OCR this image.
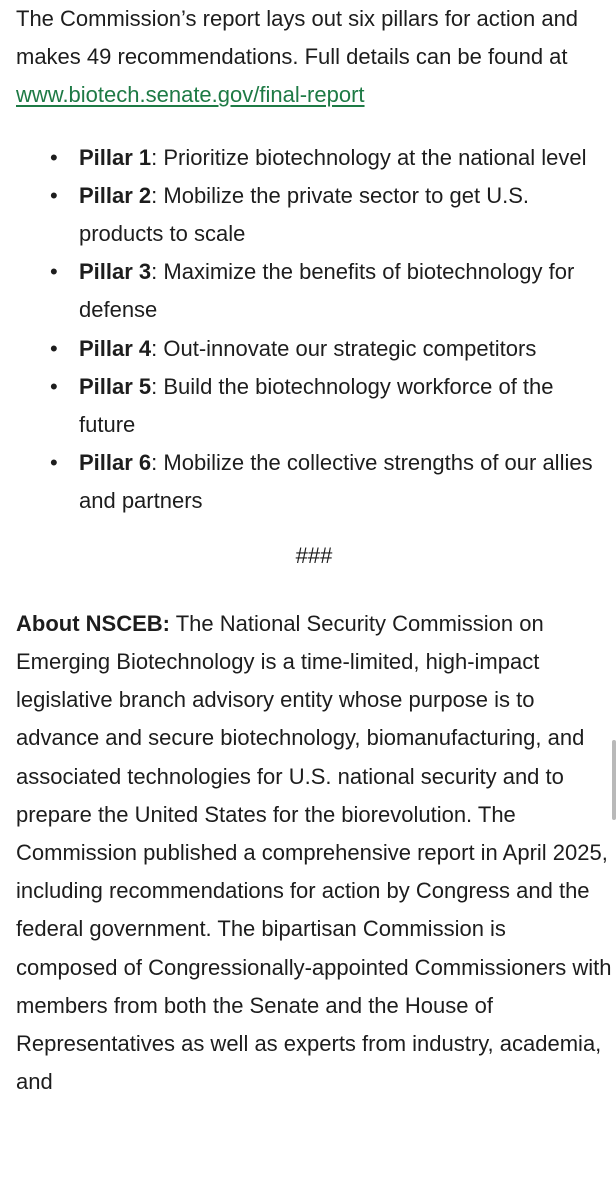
The Commission’s report lays out six pillars for action and makes 49 recommendations. Full details can be found at www.biotech.senate.gov/final-report

• Pillar 1: Prioritize biotechnology at the national level
• Pillar 2: Mobilize the private sector to get U.S. products to scale
• Pillar 3: Maximize the benefits of biotechnology for defense
• Pillar 4: Out-innovate our strategic competitors
• Pillar 5: Build the biotechnology workforce of the future
• Pillar 6: Mobilize the collective strengths of our allies and partners

###

About NSCEB: The National Security Commission on Emerging Biotechnology is a time-limited, high-impact legislative branch advisory entity whose purpose is to advance and secure biotechnology, biomanufacturing, and associated technologies for U.S. national security and to prepare the United States for the biorevolution. The Commission published a comprehensive report in April 2025, including recommendations for action by Congress and the federal government. The bipartisan Commission is composed of Congressionally-appointed Commissioners with members from both the Senate and the House of Representatives as well as experts from industry, academia, and
